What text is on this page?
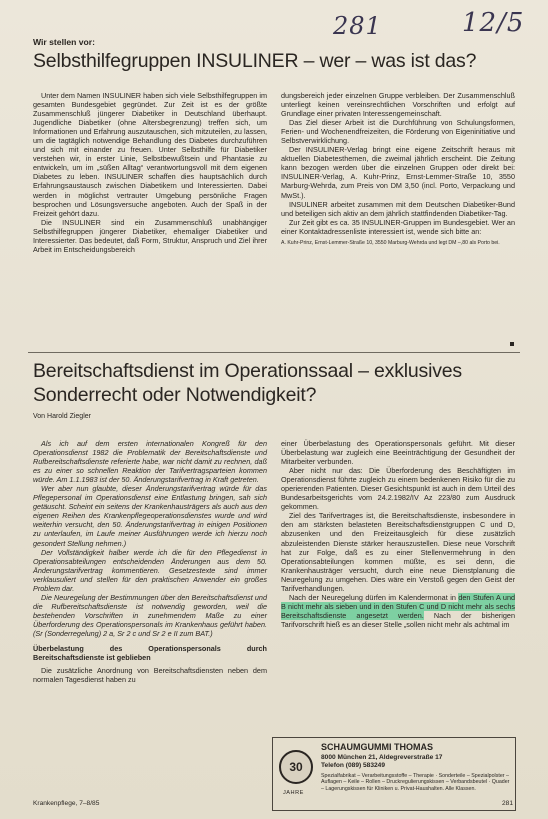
281	12/5
Wir stellen vor:
Selbsthilfegruppen INSULINER – wer – was ist das?

Unter dem Namen INSULINER haben sich viele Selbsthilfegruppen im gesamten Bundesgebiet gegründet. Zur Zeit ist es der größte Zusammenschluß jüngerer Diabetiker in Deutschland überhaupt. Jugendliche Diabetiker (ohne Altersbegrenzung) treffen sich, um Informationen und Erfahrung auszutauschen, sich mitzuteilen, zu lassen, um die tagtäglich notwendige Behandlung des Diabetes durchzuführen und sich mit einander zu freuen. Unter Selbsthilfe für Diabetiker verstehen wir, in erster Linie, Selbstbewußtsein und Phantasie zu entwickeln, um im „süßen Alltag“ verantwortungsvoll mit dem eigenen Diabetes zu leben. INSULINER schaffen dies hauptsächlich durch Erfahrungsaustausch zwischen Diabetikern und Interessierten. Dabei werden in möglichst vertrauter Umgebung persönliche Fragen besprochen und Lösungsversuche angeboten. Auch der Spaß in der Freizeit gehört dazu.

Die INSULINER sind ein Zusammenschluß unabhängiger Selbsthilfegruppen jüngerer Diabetiker, ehemaliger Diabetiker und Interessierter. Das bedeutet, daß Form, Struktur, Anspruch und Ziel ihrer Arbeit im Entscheidungsbereich

dungsbereich jeder einzelnen Gruppe verbleiben. Der Zusammenschluß unterliegt keinen vereinsrechtlichen Vorschriften und erfolgt auf Grundlage einer privaten Interessengemeinschaft.

Das Ziel dieser Arbeit ist die Durchführung von Schulungsformen, Ferien- und Wochenendfreizeiten, die Förderung von Eigeninitiative und Selbstverwirklichung.

Der INSULINER-Verlag bringt eine eigene Zeitschrift heraus mit aktuellen Diabetesthemen, die zweimal jährlich erscheint. Die Zeitung kann bezogen werden über die einzelnen Gruppen oder direkt bei: INSULINER-Verlag, A. Kuhr-Prinz, Ernst-Lemmer-Straße 10, 3550 Marburg-Wehrda, zum Preis von DM 3,50 (incl. Porto, Verpackung und MwSt.).

INSULINER arbeitet zusammen mit dem Deutschen Diabetiker-Bund und beteiligen sich aktiv an dem jährlich stattfindenden Diabetiker-Tag.

Zur Zeit gibt es ca. 35 INSULINER-Gruppen im Bundesgebiet. Wer an einer Kontaktadressenliste interessiert ist, wende sich bitte an:

A. Kuhr-Prinz, Ernst-Lemmer-Straße 10, 3550 Marburg-Wehrda und legt DM –,80 als Porto bei.

Bereitschaftsdienst im Operationssaal – exklusives Sonderrecht oder Notwendigkeit?
Von Harold Ziegler

Als ich auf dem ersten internationalen Kongreß für den Operationsdienst 1982 die Problematik der Bereitschaftsdienste und Rufbereitschaftsdienste referierte habe, war nicht damit zu rechnen, daß es zu einer so schnellen Reaktion der Tarifvertragsparteien kommen würde. Am 1.1.1983 ist der 50. Änderungstarifvertrag in Kraft getreten.

Wer aber nun glaubte, dieser Änderungstarifvertrag würde für das Pflegepersonal im Operationsdienst eine Entlastung bringen, sah sich getäuscht. Scheint ein seitens der Krankenhausträgers als auch aus den eigenen Reihen des Krankenpflegeoperationsdienstes wurde und wird weiterhin versucht, den 50. Änderungstarifvertrag in einigen Positionen zu unterlaufen, im Laufe meiner Ausführungen werde ich hierzu noch gesondert Stellung nehmen.)

Der Vollständigkeit halber werde ich die für den Pflegedienst in Operationsabteilungen entscheidenden Änderungen aus dem 50. Änderungstarifvertrag kommentieren. Gesetzestexte sind immer verklausuliert und stellen für den praktischen Anwender ein großes Problem dar.

Die Neuregelung der Bestimmungen über den Bereitschaftsdienst und die Rufbereitschaftsdienste ist notwendig geworden, weil die bestehenden Vorschriften in zunehmendem Maße zu einer Überforderung des Operationspersonals im Krankenhaus geführt haben. (Sr (Sonderregelung) 2 a, Sr 2 c und Sr 2 e II zum BAT.)

Überbelastung des Operationspersonals durch Bereitschaftsdienste ist geblieben

Die zusätzliche Anordnung von Bereitschaftsdiensten neben dem normalen Tagesdienst haben zu

einer Überbelastung des Operationspersonals geführt. Mit dieser Überbelastung war zugleich eine Beeinträchtigung der Gesundheit der Mitarbeiter verbunden.

Aber nicht nur das: Die Überforderung des Beschäftigten im Operationsdienst führte zugleich zu einem bedenkenen Risiko für die zu operierenden Patienten. Dieser Gesichtspunkt ist auch in dem Urteil des Bundesarbeitsgerichts vom 24.2.1982/IV Az 223/80 zum Ausdruck gekommen.

Ziel des Tarifvertrages ist, die Bereitschaftsdienste, insbesondere in den am stärksten belasteten Bereitschaftsdienstgruppen C und D, abzusenken und den Freizeitausgleich für diese zusätzlich abzuleistenden Dienste stärker herauszustellen. Diese neue Vorschrift hat zur Folge, daß es zu einer Stellenvermehrung in den Operationsabteilungen kommen müßte, es sei denn, die Krankenhausträger versucht, durch eine neue Dienstplanung die Neuregelung zu umgehen. Dies wäre ein Verstoß gegen den Geist der Tarifverhandlungen.

Nach der Neuregelung dürfen im Kalendermonat in den Stufen A und B nicht mehr als sieben und in den Stufen C und D nicht mehr als sechs Bereitschaftsdienste angesetzt werden. Nach der bisherigen Tarifvorschrift hieß es an dieser Stelle „sollen nicht mehr als achtmal im

30
JAHRE
SCHAUMGUMMI THOMAS
8000 München 21, Aldegreverstraße 17
Telefon (089) 583249
Spezialfabrikat – Verarbeitungsstoffe – Therapie · Sonderteile – Spezialpolster – Auflagen – Keile – Rollen – Druckregulierungskissen – Verbandsbeutel · Quader – Lagerungskissen für Kliniken u. Privat-Haushalten. Alle Klassen.
Krankenpflege, 7–8/85	281
